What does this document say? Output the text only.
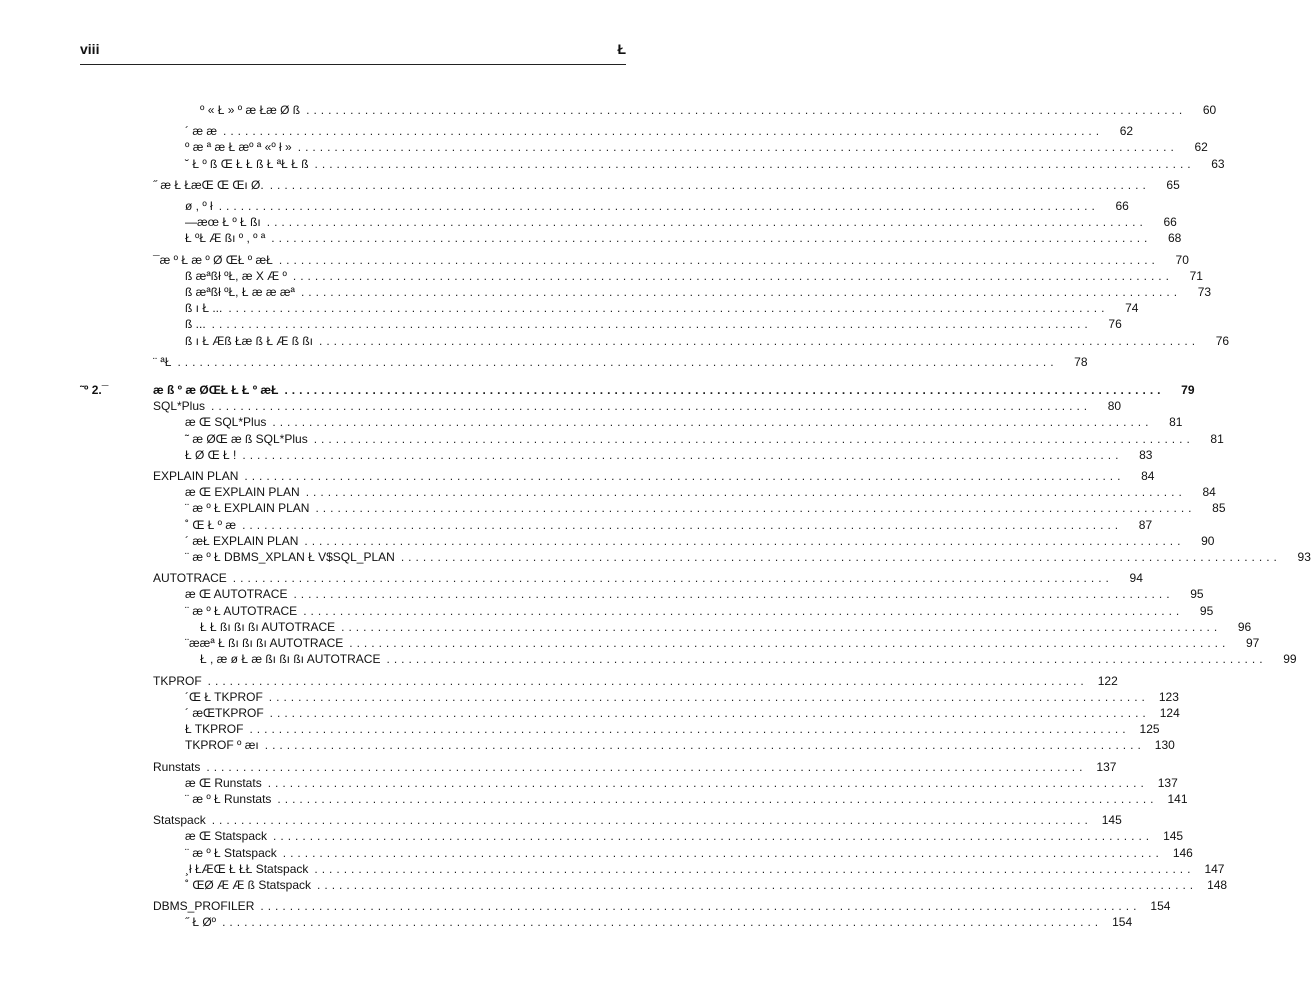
viii	Ł
º « Ł » º æ Łæ Ø ß ........................................................................................................................	60
´ æ æ ........................................................................................................................	62
º æ ª æ Ł æº ª «º ł » ........................................................................................................................	62
˘ Ł º ß Œ Ł Ł ß Ł ªŁ Ł ß ........................................................................................................................	63
˝ æ Ł ŁæŒ Œ Œı Ø. ........................................................................................................................	65
ø , º ł ........................................................................................................................	66
—æœ Ł º Ł ßı ........................................................................................................................	66
Ł ºŁ Æ ßı º , º ª ........................................................................................................................	68
¯æ º Ł æ º Ø ŒŁ º æŁ ........................................................................................................................	70
ß æªßł ºŁ, æ X Æ º ........................................................................................................................	71
ß æªßł ºŁ, Ł æ æ æª ........................................................................................................................	73
ß ı Ł ... ........................................................................................................................	74
ß ... ........................................................................................................................	76
ß ı Ł Æß Łæ ß Ł Æ ß ßı ........................................................................................................................	76
¨ ªŁ ........................................................................................................................	78
˜º 2.¯	æ ß º æ ØŒŁ Ł Ł º æŁ ........................................................................................................................	79
SQL*Plus ........................................................................................................................	80
æ Œ SQL*Plus ........................................................................................................................	81
˜ æ ØŒ æ ß SQL*Plus ........................................................................................................................	81
Ł Ø Œ Ł ! ........................................................................................................................	83
EXPLAIN PLAN ........................................................................................................................	84
æ Œ EXPLAIN PLAN ........................................................................................................................	84
¨ æ º Ł EXPLAIN PLAN ........................................................................................................................	85
˚ Œ Ł º æ ........................................................................................................................	87
´ æŁ EXPLAIN PLAN ........................................................................................................................	90
¨ æ º Ł DBMS_XPLAN Ł V$SQL_PLAN ........................................................................................................................	93
AUTOTRACE ........................................................................................................................	94
æ Œ AUTOTRACE ........................................................................................................................	95
¨ æ º Ł AUTOTRACE ........................................................................................................................	95
Ł Ł ßı ßı ßı AUTOTRACE ........................................................................................................................	96
¨ææª Ł ßı ßı ßı AUTOTRACE ........................................................................................................................	97
Ł , æ ø Ł æ ßı ßı ßı AUTOTRACE ........................................................................................................................	99
TKPROF ........................................................................................................................ 122
´Œ Ł TKPROF ........................................................................................................................ 123
´ æŒTKPROF ........................................................................................................................ 124
Ł TKPROF ........................................................................................................................ 125
TKPROF º æı ........................................................................................................................ 130
Runstats ........................................................................................................................ 137
æ Œ Runstats ........................................................................................................................ 137
¨ æ º Ł Runstats ........................................................................................................................ 141
Statspack ........................................................................................................................ 145
æ Œ Statspack ........................................................................................................................ 145
¨ æ º Ł Statspack ........................................................................................................................ 146
¸ł ŁÆŒ Ł ŁŁ Statspack ........................................................................................................................ 147
˚ ŒØ Æ Æ ß Statspack ........................................................................................................................ 148
DBMS_PROFILER ........................................................................................................................ 154
˝ Ł Øº ........................................................................................................................ 154
